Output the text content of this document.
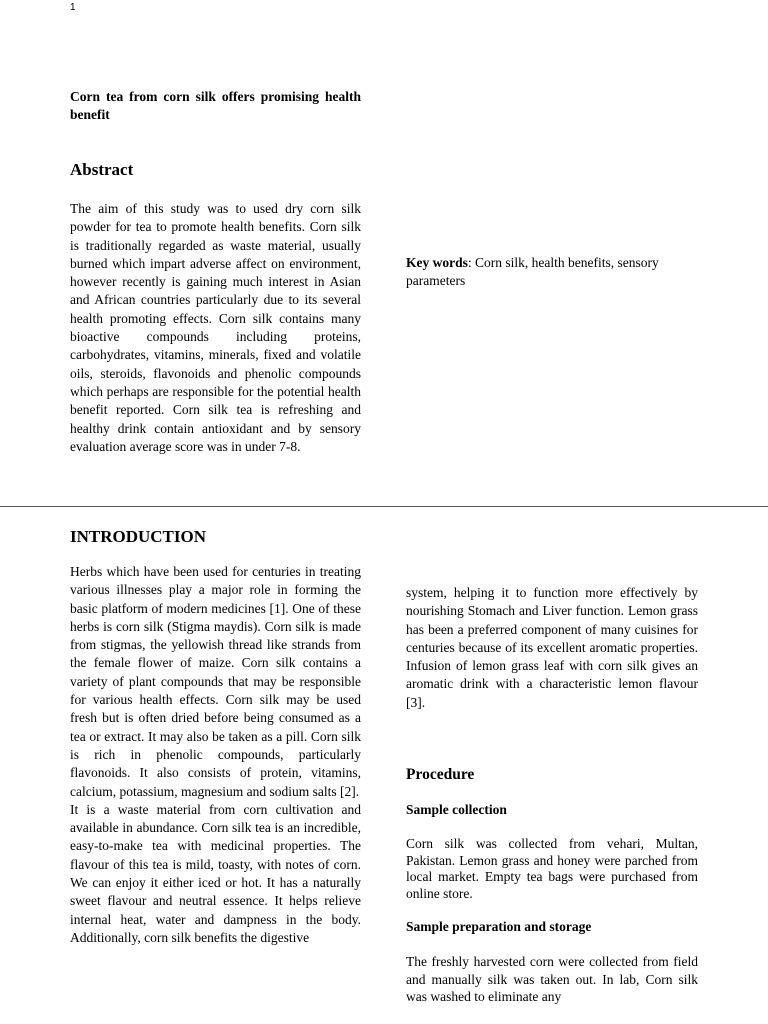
1
Corn tea from corn silk offers promising health benefit
Abstract
The aim of this study was to used dry corn silk powder for tea to promote health benefits. Corn silk is traditionally regarded as waste material, usually burned which impart adverse affect on environment, however recently is gaining much interest in Asian and African countries particularly due to its several health promoting effects. Corn silk contains many bioactive compounds including proteins, carbohydrates, vitamins, minerals, fixed and volatile oils, steroids, flavonoids and phenolic compounds which perhaps are responsible for the potential health benefit reported. Corn silk tea is refreshing and healthy drink contain antioxidant and by sensory evaluation average score was in under 7-8.
Key words: Corn silk, health benefits, sensory parameters
INTRODUCTION

Herbs which have been used for centuries in treating various illnesses play a major role in forming the basic platform of modern medicines [1]. One of these herbs is corn silk (Stigma maydis). Corn silk is made from stigmas, the yellowish thread like strands from the female flower of maize. Corn silk contains a variety of plant compounds that may be responsible for various health effects. Corn silk may be used fresh but is often dried before being consumed as a tea or extract. It may also be taken as a pill. Corn silk is rich in phenolic compounds, particularly flavonoids. It also consists of protein, vitamins, calcium, potassium, magnesium and sodium salts [2].

It is a waste material from corn cultivation and available in abundance. Corn silk tea is an incredible, easy-to-make tea with medicinal properties. The flavour of this tea is mild, toasty, with notes of corn. We can enjoy it either iced or hot. It has a naturally sweet flavour and neutral essence. It helps relieve internal heat, water and dampness in the body. Additionally, corn silk benefits the digestive

system, helping it to function more effectively by nourishing Stomach and Liver function. Lemon grass has been a preferred component of many cuisines for centuries because of its excellent aromatic properties. Infusion of lemon grass leaf with corn silk gives an aromatic drink with a characteristic lemon flavour [3].

Procedure
Sample collection
Corn silk was collected from vehari, Multan, Pakistan. Lemon grass and honey were parched from local market. Empty tea bags were purchased from online store.
Sample preparation and storage
The freshly harvested corn were collected from field and manually silk was taken out. In lab, Corn silk was washed to eliminate any
